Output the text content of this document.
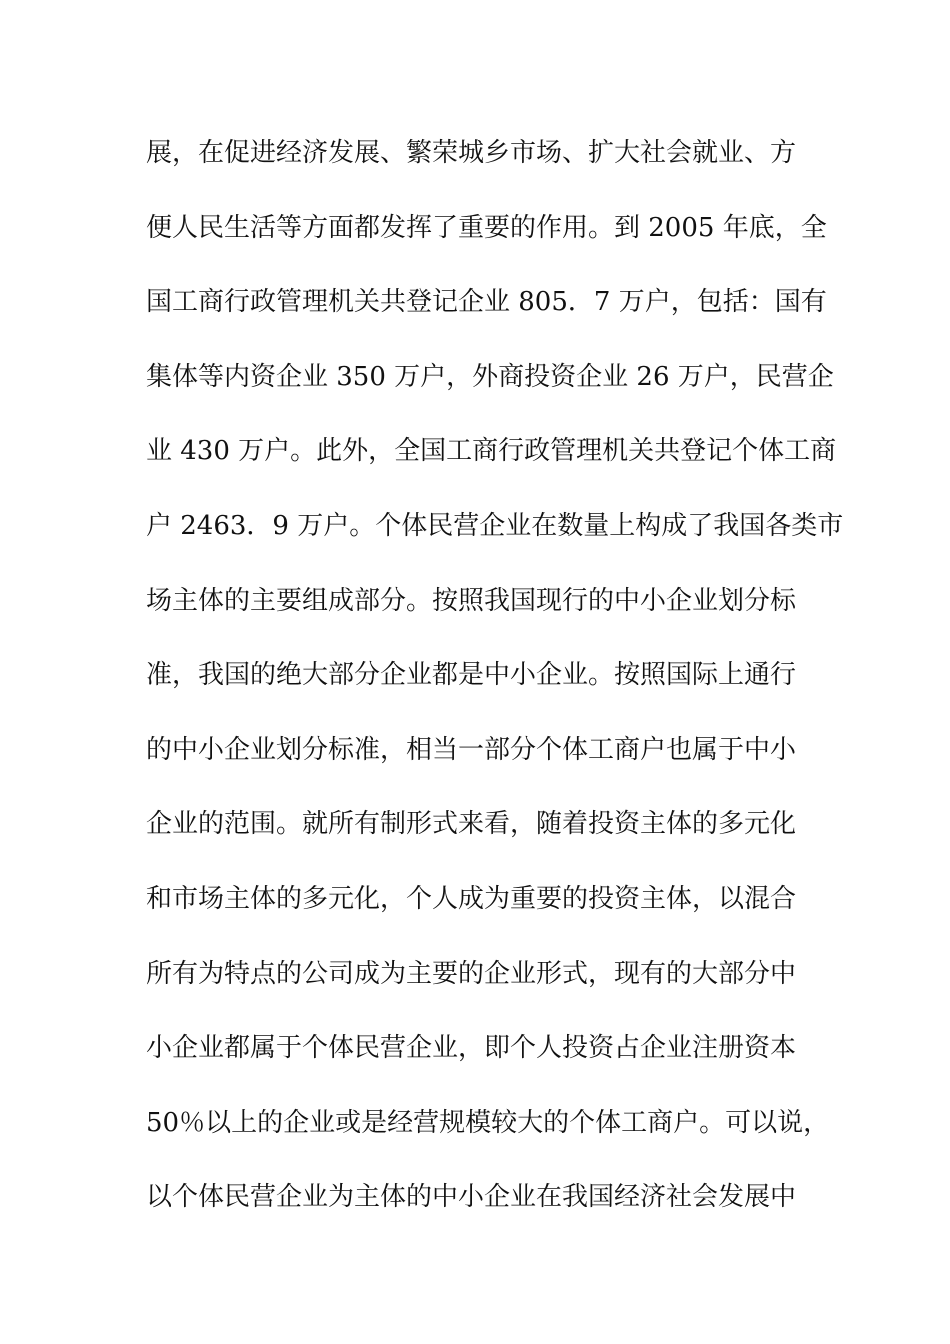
展，在促进经济发展、繁荣城乡市场、扩大社会就业、方
便人民生活等方面都发挥了重要的作用。到 2005 年底，全
国工商行政管理机关共登记企业 805．7 万户，包括：国有
集体等内资企业 350 万户，外商投资企业 26 万户，民营企
业 430 万户。此外，全国工商行政管理机关共登记个体工商
户 2463．9 万户。个体民营企业在数量上构成了我国各类市
场主体的主要组成部分。按照我国现行的中小企业划分标
准，我国的绝大部分企业都是中小企业。按照国际上通行
的中小企业划分标准，相当一部分个体工商户也属于中小
企业的范围。就所有制形式来看，随着投资主体的多元化
和市场主体的多元化，个人成为重要的投资主体，以混合
所有为特点的公司成为主要的企业形式，现有的大部分中
小企业都属于个体民营企业，即个人投资占企业注册资本
50％以上的企业或是经营规模较大的个体工商户。可以说，
以个体民营企业为主体的中小企业在我国经济社会发展中
